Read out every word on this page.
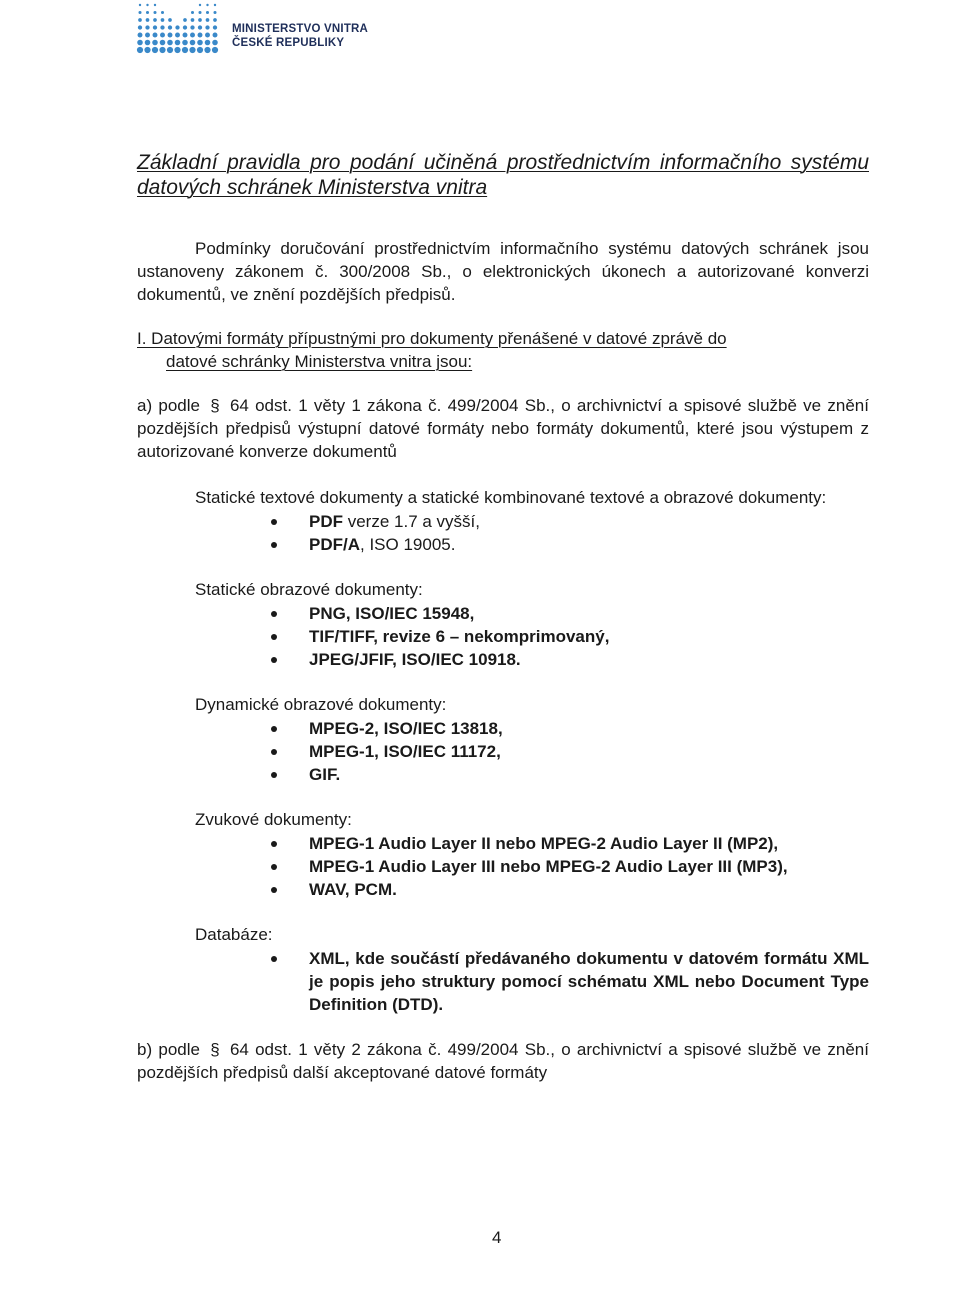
MINISTERSTVO VNITRA
ČESKÉ REPUBLIKY

Základní pravidla pro podání učiněná prostřednictvím informačního systému datových schránek Ministerstva vnitra

Podmínky doručování prostřednictvím informačního systému datových schránek jsou ustanoveny zákonem č. 300/2008 Sb., o elektronických úkonech a autorizované konverzi dokumentů, ve znění pozdějších předpisů.

I. Datovými formáty přípustnými pro dokumenty přenášené v datové zprávě do
datové schránky Ministerstva vnitra jsou:

a) podle § 64 odst. 1 věty 1 zákona č. 499/2004 Sb., o archivnictví a spisové službě ve znění pozdějších předpisů výstupní datové formáty nebo formáty dokumentů, které jsou výstupem z autorizované konverze dokumentů

Statické textové dokumenty a statické kombinované textové a obrazové dokumenty:

PDF verze 1.7 a vyšší,
PDF/A, ISO 19005.

Statické obrazové dokumenty:

PNG, ISO/IEC 15948,
TIF/TIFF, revize 6 – nekomprimovaný,
JPEG/JFIF, ISO/IEC 10918.

Dynamické obrazové dokumenty:

MPEG-2, ISO/IEC 13818,
MPEG-1, ISO/IEC 11172,
GIF.

Zvukové dokumenty:

MPEG-1 Audio Layer II nebo MPEG-2 Audio Layer II (MP2),
MPEG-1 Audio Layer III nebo MPEG-2 Audio Layer III (MP3),
WAV, PCM.

Databáze:

XML, kde součástí předávaného dokumentu v datovém formátu XML je popis jeho struktury pomocí schématu XML nebo Document Type Definition (DTD).

b) podle § 64 odst. 1 věty 2 zákona č. 499/2004 Sb., o archivnictví a spisové službě ve znění pozdějších předpisů další akceptované datové formáty

4
